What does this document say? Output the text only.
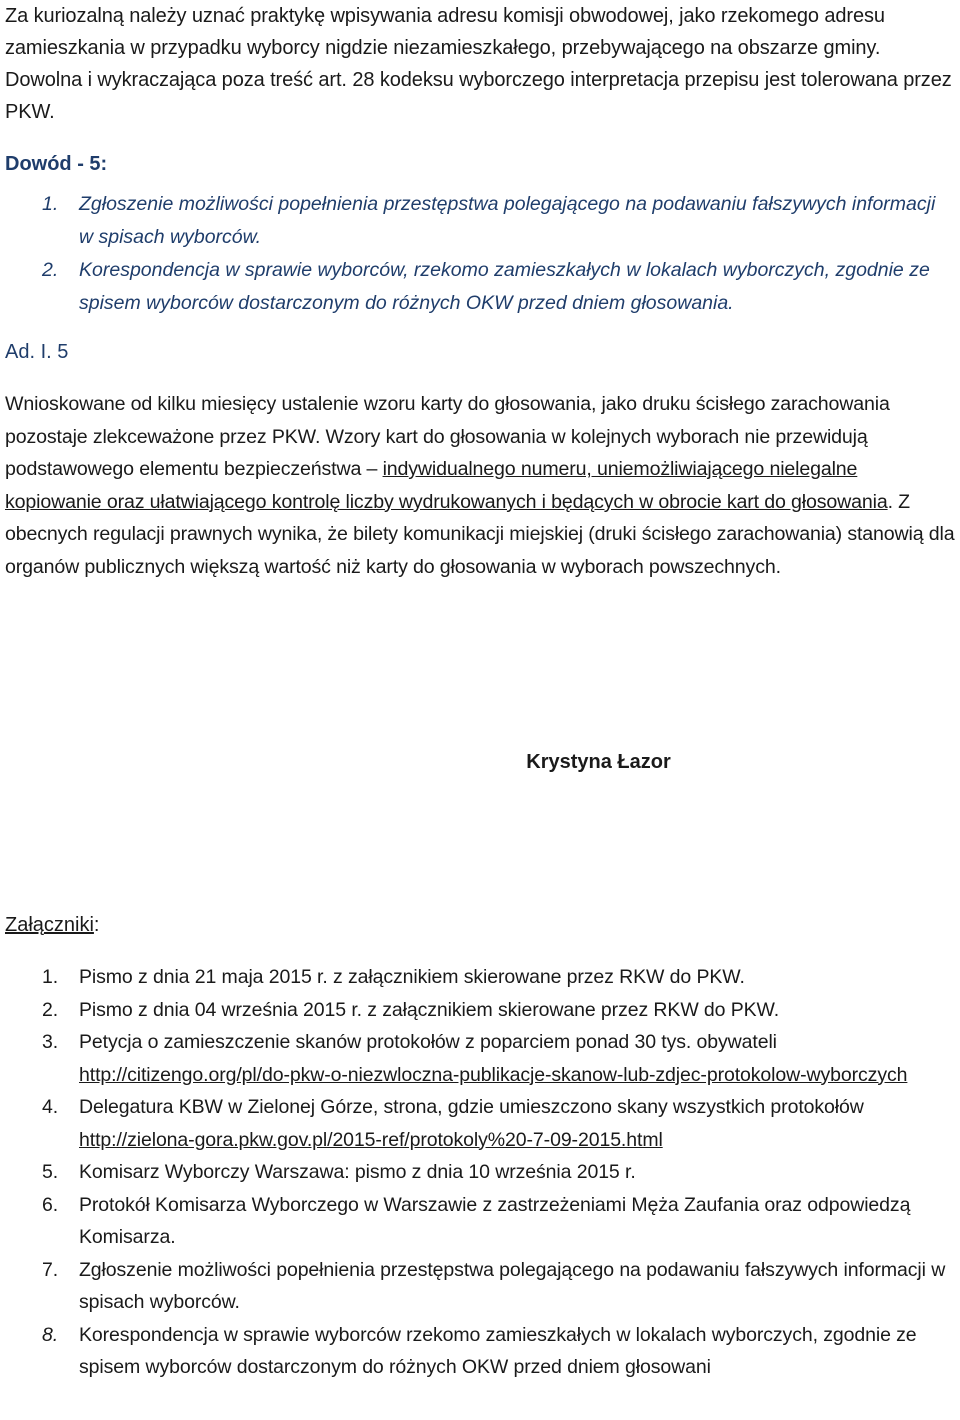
Za kuriozalną należy uznać praktykę wpisywania adresu komisji obwodowej, jako rzekomego adresu zamieszkania w przypadku wyborcy nigdzie niezamieszkałego, przebywającego na obszarze gminy. Dowolna i wykraczająca poza treść art. 28 kodeksu wyborczego interpretacja przepisu jest tolerowana przez PKW.

Dowód - 5:

1. Zgłoszenie możliwości popełnienia przestępstwa polegającego na podawaniu fałszywych informacji w spisach wyborców.
2. Korespondencja w sprawie wyborców, rzekomo zamieszkałych w lokalach wyborczych, zgodnie ze spisem wyborców dostarczonym do różnych OKW przed dniem głosowania.

Ad. I. 5

Wnioskowane od kilku miesięcy ustalenie wzoru karty do głosowania, jako druku ścisłego zarachowania pozostaje zlekceważone przez PKW. Wzory kart do głosowania w kolejnych wyborach nie przewidują podstawowego elementu bezpieczeństwa – indywidualnego numeru, uniemożliwiającego nielegalne kopiowanie oraz ułatwiającego kontrolę liczby wydrukowanych i będących w obrocie kart do głosowania. Z obecnych regulacji prawnych wynika, że bilety komunikacji miejskiej (druki ścisłego zarachowania) stanowią dla organów publicznych większą wartość niż karty do głosowania w wyborach powszechnych.

Krystyna Łazor

Załączniki:

1. Pismo z dnia 21 maja 2015 r. z załącznikiem skierowane przez RKW do PKW.
2. Pismo z dnia 04 września 2015 r. z załącznikiem skierowane przez RKW do PKW.
3. Petycja o zamieszczenie skanów protokołów z poparciem ponad 30 tys. obywateli http://citizengo.org/pl/do-pkw-o-niezwloczna-publikacje-skanow-lub-zdjec-protokolow-wyborczych
4. Delegatura KBW w Zielonej Górze, strona, gdzie umieszczono skany wszystkich protokołów http://zielona-gora.pkw.gov.pl/2015-ref/protokoly%20-7-09-2015.html
5. Komisarz Wyborczy Warszawa: pismo z dnia 10 września 2015 r.
6. Protokół Komisarza Wyborczego w Warszawie z zastrzeżeniami Męża Zaufania oraz odpowiedzą Komisarza.
7. Zgłoszenie możliwości popełnienia przestępstwa polegającego na podawaniu fałszywych informacji w spisach wyborców.
8. Korespondencja w sprawie wyborców rzekomo zamieszkałych w lokalach wyborczych, zgodnie ze spisem wyborców dostarczonym do różnych OKW przed dniem głosowani
